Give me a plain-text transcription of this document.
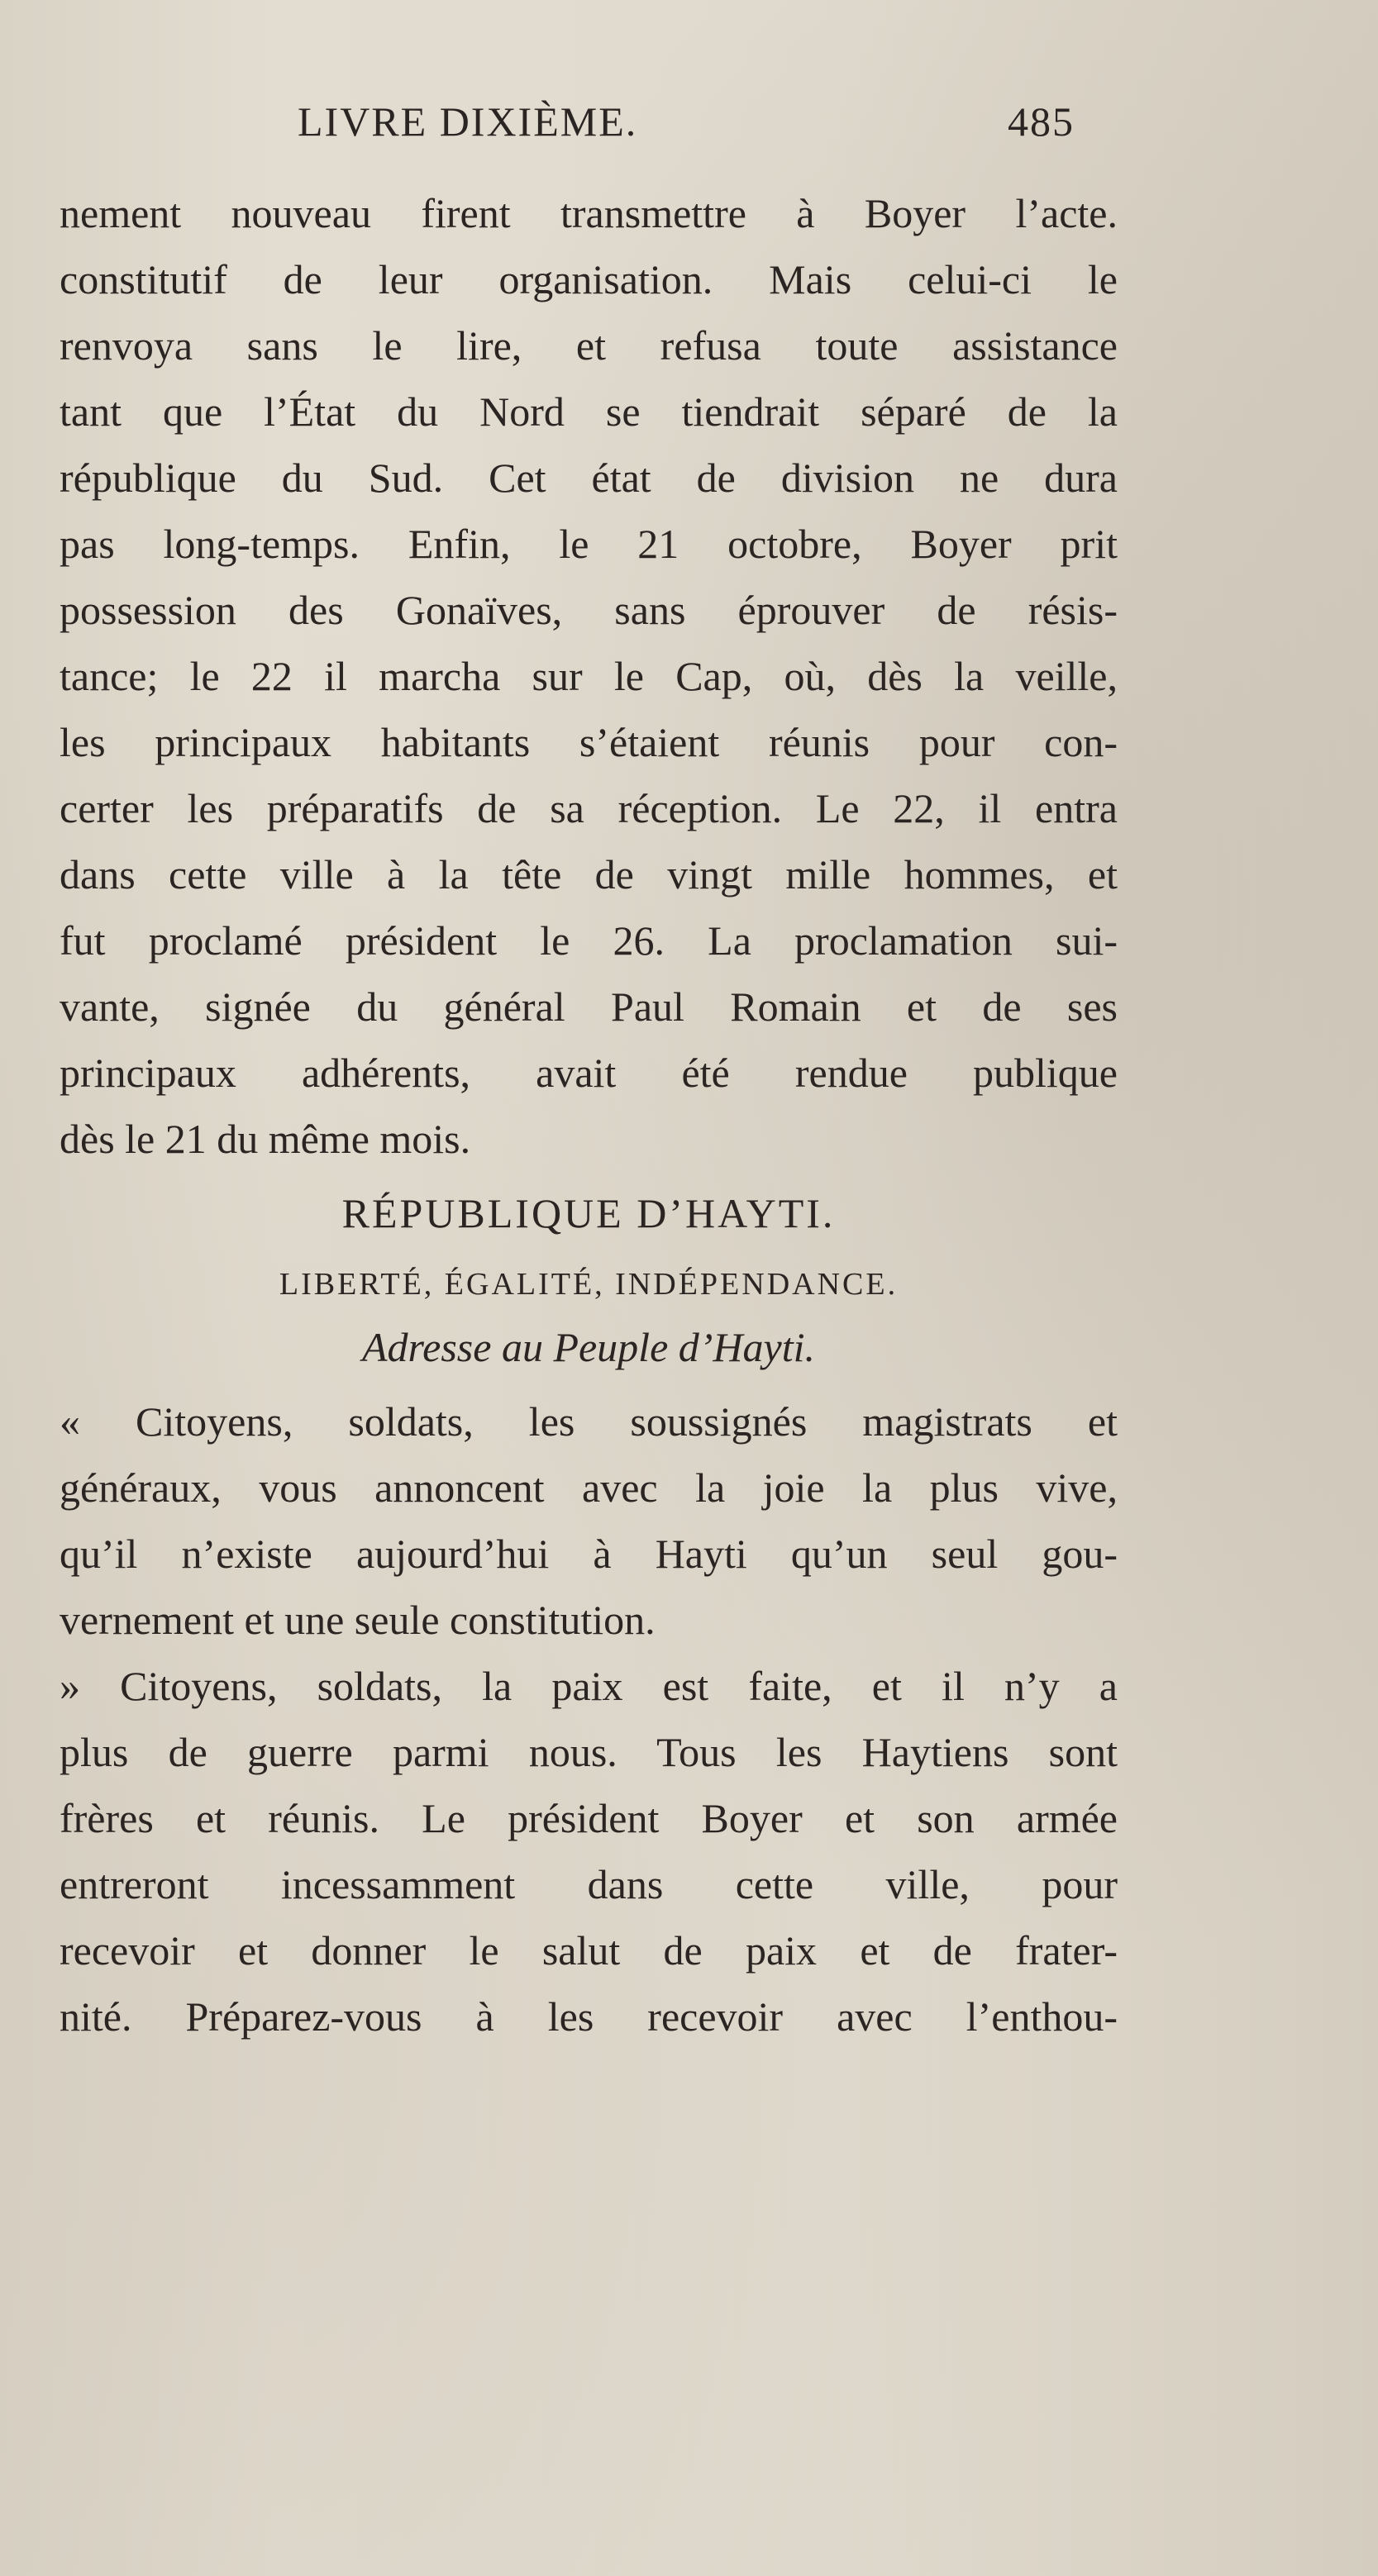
LIVRE DIXIÈME.	485
nement nouveau firent transmettre à Boyer l’acte.
constitutif de leur organisation. Mais celui-ci le
renvoya sans le lire, et refusa toute assistance
tant que l’État du Nord se tiendrait séparé de la
république du Sud. Cet état de division ne dura
pas long-temps. Enfin, le 21 octobre, Boyer prit
possession des Gonaïves, sans éprouver de résis-
tance; le 22 il marcha sur le Cap, où, dès la veille,
les principaux habitants s’étaient réunis pour con-
certer les préparatifs de sa réception. Le 22, il entra
dans cette ville à la tête de vingt mille hommes, et
fut proclamé président le 26. La proclamation sui-
vante, signée du général Paul Romain et de ses
principaux adhérents, avait été rendue publique
dès le 21 du même mois.
RÉPUBLIQUE D’HAYTI.
LIBERTÉ, ÉGALITÉ, INDÉPENDANCE.
Adresse au Peuple d’Hayti.
« Citoyens, soldats, les soussignés magistrats et
généraux, vous annoncent avec la joie la plus vive,
qu’il n’existe aujourd’hui à Hayti qu’un seul gou-
vernement et une seule constitution.
» Citoyens, soldats, la paix est faite, et il n’y a
plus de guerre parmi nous. Tous les Haytiens sont
frères et réunis. Le président Boyer et son armée
entreront incessamment dans cette ville, pour
recevoir et donner le salut de paix et de frater-
nité. Préparez-vous à les recevoir avec l’enthou-
